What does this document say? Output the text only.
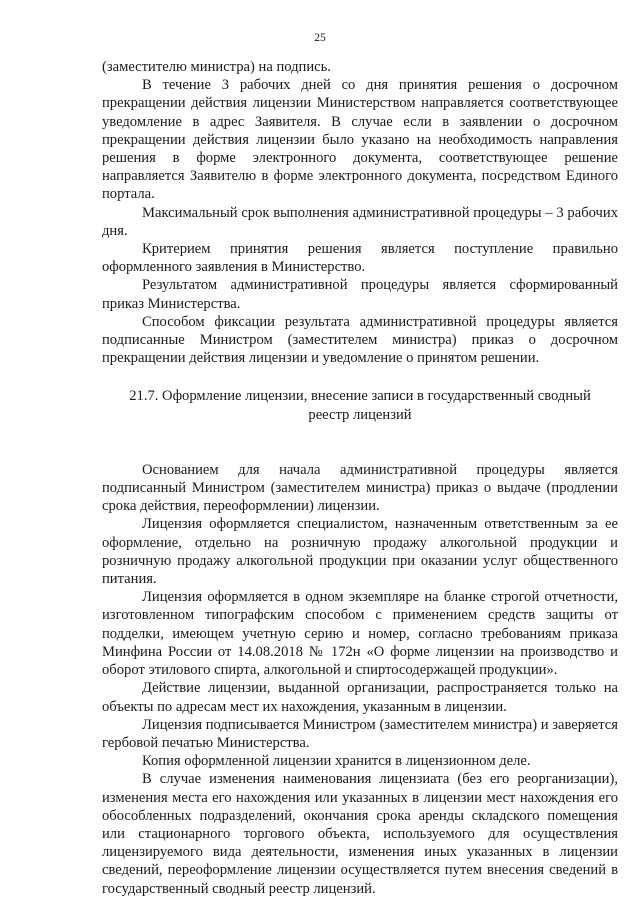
25

(заместителю министра) на подпись.

В течение 3 рабочих дней со дня принятия решения о досрочном прекращении действия лицензии Министерством направляется соответствующее уведомление в адрес Заявителя. В случае если в заявлении о досрочном прекращении действия лицензии было указано на необходимость направления решения в форме электронного документа, соответствующее решение направляется Заявителю в форме электронного документа, посредством Единого портала.

Максимальный срок выполнения административной процедуры – 3 рабочих дня.

Критерием принятия решения является поступление правильно оформленного заявления в Министерство.

Результатом административной процедуры является сформированный приказ Министерства.

Способом фиксации результата административной процедуры является подписанные Министром (заместителем министра) приказ о досрочном прекращении действия лицензии и уведомление о принятом решении.

21.7. Оформление лицензии, внесение записи в государственный сводный
реестр лицензий

Основанием для начала административной процедуры является подписанный Министром (заместителем министра) приказ о выдаче (продлении срока действия, переоформлении) лицензии.

Лицензия оформляется специалистом, назначенным ответственным за ее оформление, отдельно на розничную продажу алкогольной продукции и розничную продажу алкогольной продукции при оказании услуг общественного питания.

Лицензия оформляется в одном экземпляре на бланке строгой отчетности, изготовленном типографским способом с применением средств защиты от подделки, имеющем учетную серию и номер, согласно требованиям приказа Минфина России от 14.08.2018 № 172н «О форме лицензии на производство и оборот этилового спирта, алкогольной и спиртосодержащей продукции».

Действие лицензии, выданной организации, распространяется только на объекты по адресам мест их нахождения, указанным в лицензии.

Лицензия подписывается Министром (заместителем министра) и заверяется гербовой печатью Министерства.

Копия оформленной лицензии хранится в лицензионном деле.

В случае изменения наименования лицензиата (без его реорганизации), изменения места его нахождения или указанных в лицензии мест нахождения его обособленных подразделений, окончания срока аренды складского помещения или стационарного торгового объекта, используемого для осуществления лицензируемого вида деятельности, изменения иных указанных в лицензии сведений, переоформление лицензии осуществляется путем внесения сведений в государственный сводный реестр лицензий.
